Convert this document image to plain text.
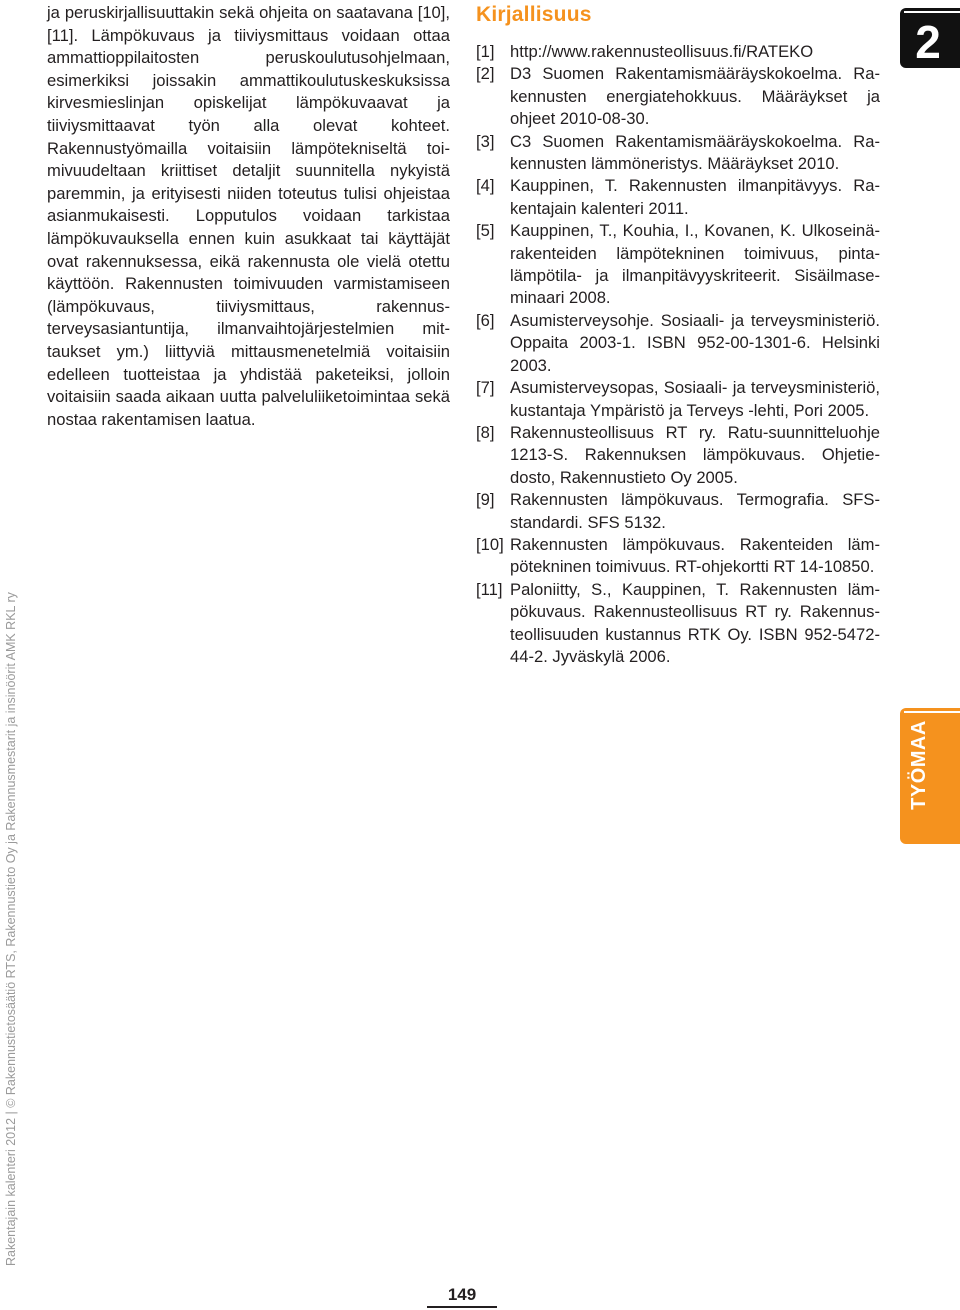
Rakentajain kalenteri 2012 | © Rakennustietosäätiö RTS, Rakennustieto Oy ja Rakennusmestarit ja insinöörit AMK RKL ry

ja peruskirjallisuuttakin sekä ohjeita on saatavana [10], [11]. Lämpökuvaus ja tiiviysmittaus voidaan ottaa ammattioppilaitosten peruskoulutusohjelmaan, esimerkiksi joissakin ammattikoulutuskeskuksissa kirvesmieslinjan opiskelijat lämpökuvaavat ja tiiviysmittaavat työn alla olevat kohteet. Rakennustyömailla voitaisiin lämpötekniseltä toimivuudeltaan kriittiset detaljit suunnitella nykyistä paremmin, ja erityisesti niiden toteutus tulisi ohjeistaa asianmukaisesti. Lopputulos voidaan tarkistaa lämpökuvauksella ennen kuin asukkaat tai käyttäjät ovat rakennuksessa, eikä rakennusta ole vielä otettu käyttöön. Rakennusten toimivuuden varmistamiseen (lämpökuvaus, tiiviysmittaus, rakennusterveysasiantuntija, ilmanvaihtojärjestelmien mittaukset ym.) liittyviä mittausmenetelmiä voitaisiin edelleen tuotteistaa ja yhdistää paketeiksi, jolloin voitaisiin saada aikaan uutta palveluliiketoimintaa sekä nostaa rakentamisen laatua.

Kirjallisuus
[1] http://www.rakennusteollisuus.fi/RATEKO
[2] D3 Suomen Rakentamismääräyskokoelma. Rakennusten energiatehokkuus. Määräykset ja ohjeet 2010-08-30.
[3] C3 Suomen Rakentamismääräyskokoelma. Rakennusten lämmöneristys. Määräykset 2010.
[4] Kauppinen, T. Rakennusten ilmanpitävyys. Rakentajain kalenteri 2011.
[5] Kauppinen, T., Kouhia, I., Kovanen, K. Ulkoseinärakenteiden lämpötekninen toimivuus, pintalämpötila- ja ilmanpitävyyskriteerit. Sisäilmaseminaari 2008.
[6] Asumisterveysohje. Sosiaali- ja terveysministeriö. Oppaita 2003-1. ISBN 952-00-1301-6. Helsinki 2003.
[7] Asumisterveysopas, Sosiaali- ja terveysministeriö, kustantaja Ympäristö ja Terveys -lehti, Pori 2005.
[8] Rakennusteollisuus RT ry. Ratu-suunnitteluohje 1213-S. Rakennuksen lämpökuvaus. Ohjetiedosto, Rakennustieto Oy 2005.
[9] Rakennusten lämpökuvaus. Termografia. SFS-standardi. SFS 5132.
[10] Rakennusten lämpökuvaus. Rakenteiden lämpötekninen toimivuus. RT-ohjekortti RT 14-10850.
[11] Paloniitty, S., Kauppinen, T. Rakennusten lämpökuvaus. Rakennusteollisuus RT ry. Rakennusteollisuuden kustannus RTK Oy. ISBN 952-5472-44-2. Jyväskylä 2006.
2
TYÖMAA
149
